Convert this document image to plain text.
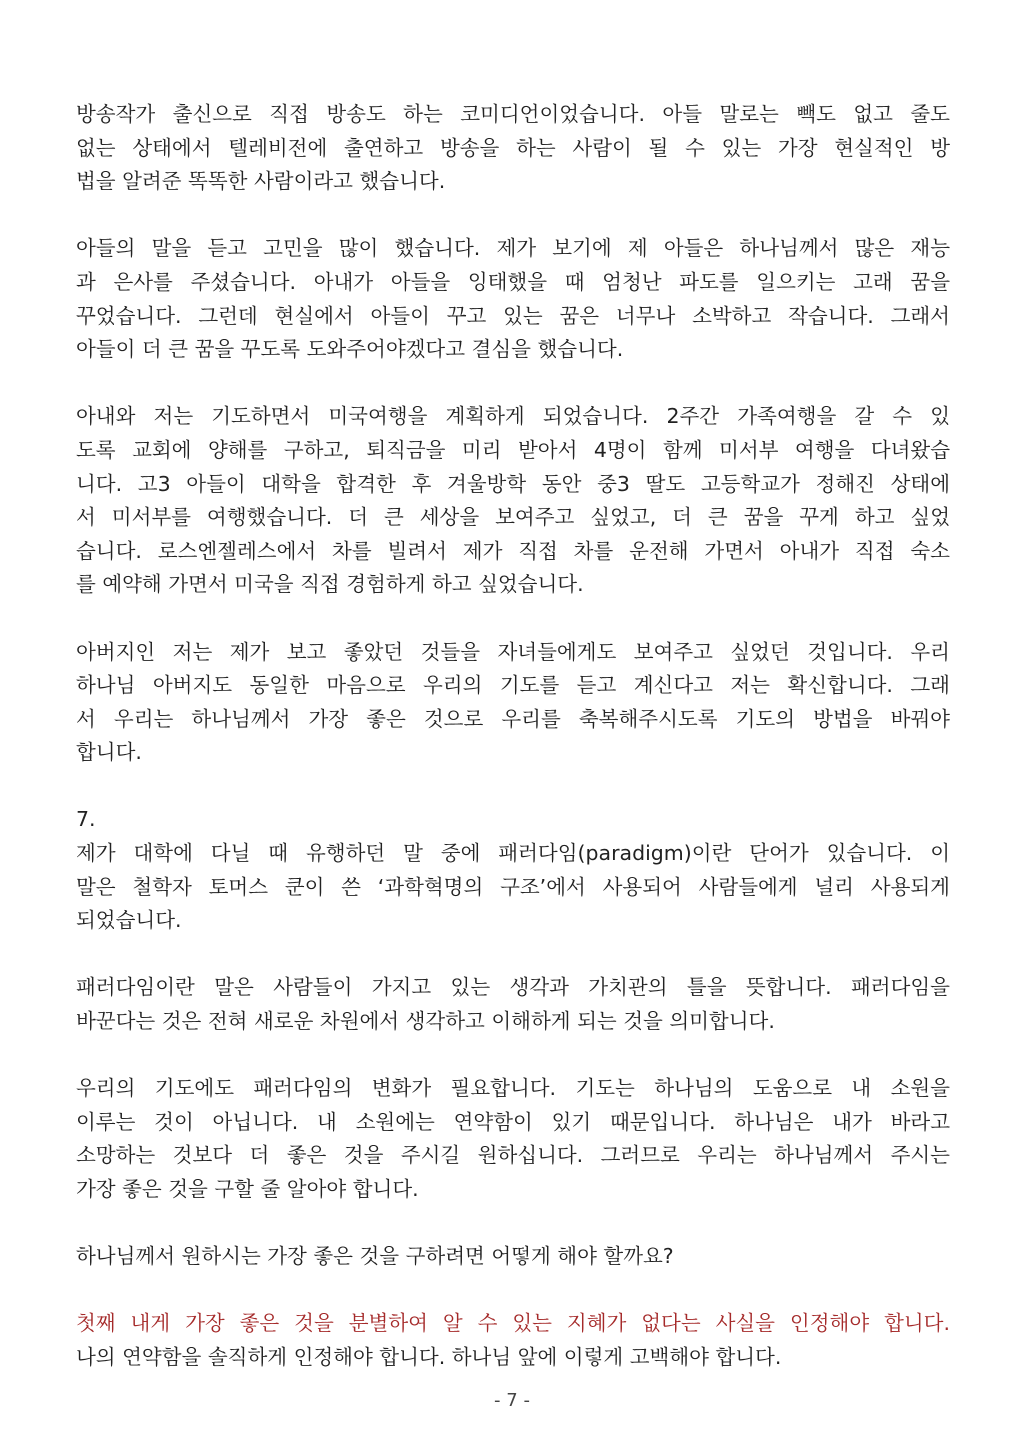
방송작가 출신으로 직접 방송도 하는 코미디언이었습니다. 아들 말로는 빽도 없고 줄도
없는 상태에서 텔레비전에 출연하고 방송을 하는 사람이 될 수 있는 가장 현실적인 방
법을 알려준 똑똑한 사람이라고 했습니다.
아들의 말을 듣고 고민을 많이 했습니다. 제가 보기에 제 아들은 하나님께서 많은 재능
과 은사를 주셨습니다. 아내가 아들을 잉태했을 때 엄청난 파도를 일으키는 고래 꿈을
꾸었습니다. 그런데 현실에서 아들이 꾸고 있는 꿈은 너무나 소박하고 작습니다. 그래서
아들이 더 큰 꿈을 꾸도록 도와주어야겠다고 결심을 했습니다.
아내와 저는 기도하면서 미국여행을 계획하게 되었습니다. 2주간 가족여행을 갈 수 있
도록 교회에 양해를 구하고, 퇴직금을 미리 받아서 4명이 함께 미서부 여행을 다녀왔습
니다. 고3 아들이 대학을 합격한 후 겨울방학 동안 중3 딸도 고등학교가 정해진 상태에
서 미서부를 여행했습니다. 더 큰 세상을 보여주고 싶었고, 더 큰 꿈을 꾸게 하고 싶었
습니다. 로스엔젤레스에서 차를 빌려서 제가 직접 차를 운전해 가면서 아내가 직접 숙소
를 예약해 가면서 미국을 직접 경험하게 하고 싶었습니다.
아버지인 저는 제가 보고 좋았던 것들을 자녀들에게도 보여주고 싶었던 것입니다. 우리
하나님 아버지도 동일한 마음으로 우리의 기도를 듣고 계신다고 저는 확신합니다. 그래
서 우리는 하나님께서 가장 좋은 것으로 우리를 축복해주시도록 기도의 방법을 바꿔야
합니다.
7.
제가 대학에 다닐 때 유행하던 말 중에 패러다임(paradigm)이란 단어가 있습니다. 이
말은 철학자 토머스 쿤이 쓴 ‘과학혁명의 구조’에서 사용되어 사람들에게 널리 사용되게
되었습니다.
패러다임이란 말은 사람들이 가지고 있는 생각과 가치관의 틀을 뜻합니다. 패러다임을
바꾼다는 것은 전혀 새로운 차원에서 생각하고 이해하게 되는 것을 의미합니다.
우리의 기도에도 패러다임의 변화가 필요합니다. 기도는 하나님의 도움으로 내 소원을
이루는 것이 아닙니다. 내 소원에는 연약함이 있기 때문입니다. 하나님은 내가 바라고
소망하는 것보다 더 좋은 것을 주시길 원하십니다. 그러므로 우리는 하나님께서 주시는
가장 좋은 것을 구할 줄 알아야 합니다.
하나님께서 원하시는 가장 좋은 것을 구하려면 어떻게 해야 할까요?
첫째 내게 가장 좋은 것을 분별하여 알 수 있는 지혜가 없다는 사실을 인정해야 합니다.
나의 연약함을 솔직하게 인정해야 합니다. 하나님 앞에 이렇게 고백해야 합니다.
- 7 -
